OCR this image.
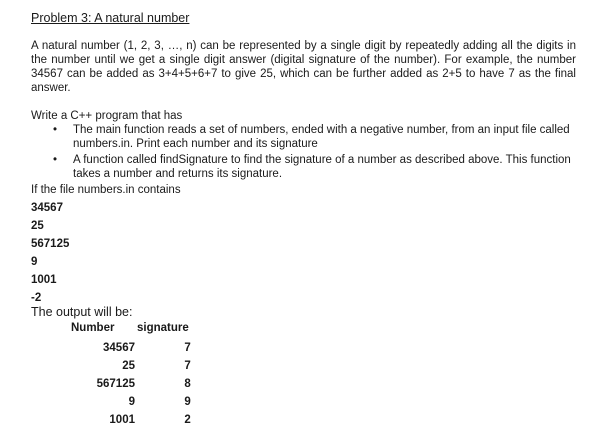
Problem 3: A natural number

A natural number (1, 2, 3, …, n) can be represented by a single digit by repeatedly adding all the digits in the number until we get a single digit answer (digital signature of the number). For example, the number 34567 can be added as 3+4+5+6+7 to give 25, which can be further added as 2+5 to have 7 as the final answer.

Write a C++ program that has
• The main function reads a set of numbers, ended with a negative number, from an input file called numbers.in. Print each number and its signature
• A function called findSignature to find the signature of a number as described above. This function takes a number and returns its signature.
If the file numbers.in contains
34567
25
567125
9
1001
-2
The output will be:
Number	signature
34567	7
25	7
567125	8
9	9
1001	2
